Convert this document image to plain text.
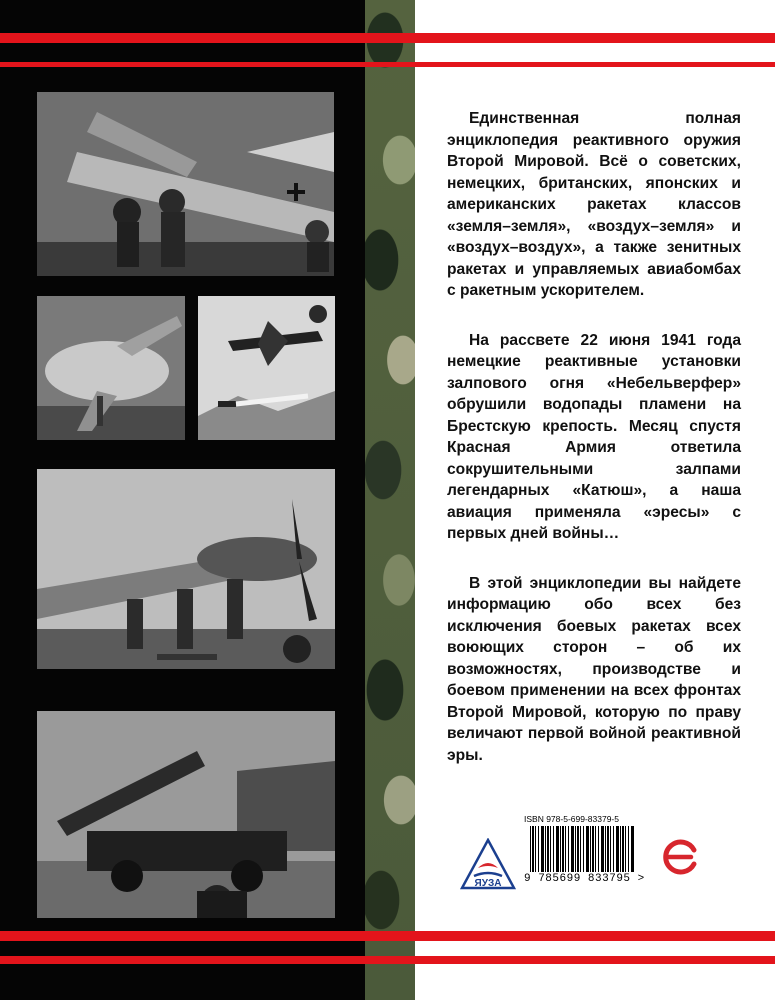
Единственная полная энциклопедия реактивного оружия Второй Мировой. Всё о советских, немецких, британских, японских и американских ракетах классов «земля–земля», «воздух–земля» и «воздух–воздух», а также зенитных ракетах и управляемых авиабомбах с ракетным ускорителем.

На рассвете 22 июня 1941 года немецкие реактивные установки залпового огня «Небельверфер» обрушили водопады пламени на Брестскую крепость. Месяц спустя Красная Армия ответила сокрушительными залпами легендарных «Катюш», а наша авиация применяла «эресы» с первых дней войны…

В этой энциклопедии вы найдете информацию обо всех без исключения боевых ракетах всех воюющих сторон – об их возможностях, производстве и боевом применении на всех фронтах Второй Мировой, которую по праву величают первой войной реактивной эры.

ЯУЗА
ISBN 978-5-699-83379-5
9 785699 833795 >
